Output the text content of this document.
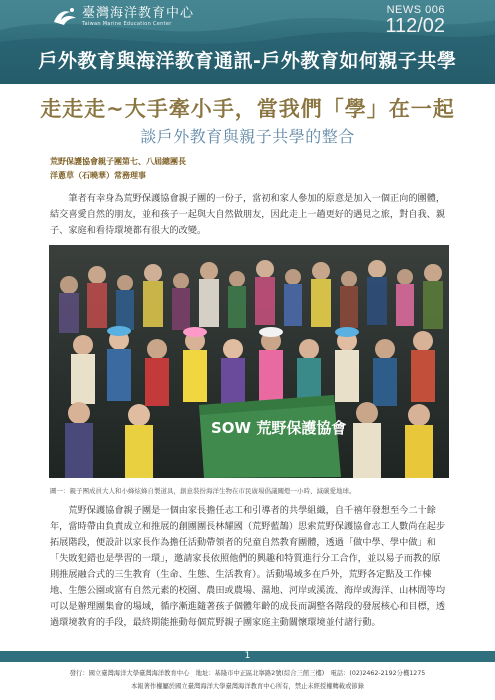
臺灣海洋教育中心
Taiwan Marine Education Center
NEWS 006
112/02
戶外教育與海洋教育通訊-戶外教育如何親子共學
走走走~大手牽小手，當我們「學」在一起
談戶外教育與親子共學的整合
荒野保護協會親子團第七、八屆總團長
洋蔥草（石曉華）常務理事

筆者有幸身為荒野保護協會親子團的一份子，當初和家人參加的原意是加入一個正向的團體，結交喜愛自然的朋友，並和孩子一起與大自然做朋友，因此走上一趟更好的遇見之旅，對自我、親子、家庭和看待環境都有很大的改變。

SOW 荒野保護協會
圖一：親子團成員大人和小蜂炫蜂自製道具，創意裝扮海洋生物在市民廣場倡議關燈一小時、減碳愛地球。

荒野保護協會親子團是一個由家長擔任志工和引導者的共學組織，自千禧年發想至今二十餘年，當時帶由負責成立和推展的創團團長林耀國（荒野藍鵲）思索荒野保護協會志工人數尚在起步拓展階段，便設計以家長作為擔任活動帶領者的兒童自然教育團體，透過「做中學、學中做」和「失敗犯錯也是學習的一環」，邀請家長依照他們的興趣和特質進行分工合作，並以易子而教的原則推展融合式的三生教育（生命、生態、生活教育）。活動場域多在戶外，荒野各定點及工作棟地、生態公園或富有自然元素的校園、農田或農場、濕地、河岸或溪流、海岸或海洋、山林間等均可以是辦理團集會的場域，循序漸進隨著孩子個體年齡的成長而調整各階段的發展核心和目標，透過環境教育的手段，最終期能推動每個荒野親子團家庭主動關懷環境並付諸行動。

1
發行：國立臺灣海洋大學臺灣海洋教育中心　地址：基隆市中正區北寧路2號(綜合三館三樓)　電話：(02)2462-2192分機1275
本報著作權屬於國立臺灣海洋大學臺灣海洋教育中心所有，禁止未經授權轉載或節錄
